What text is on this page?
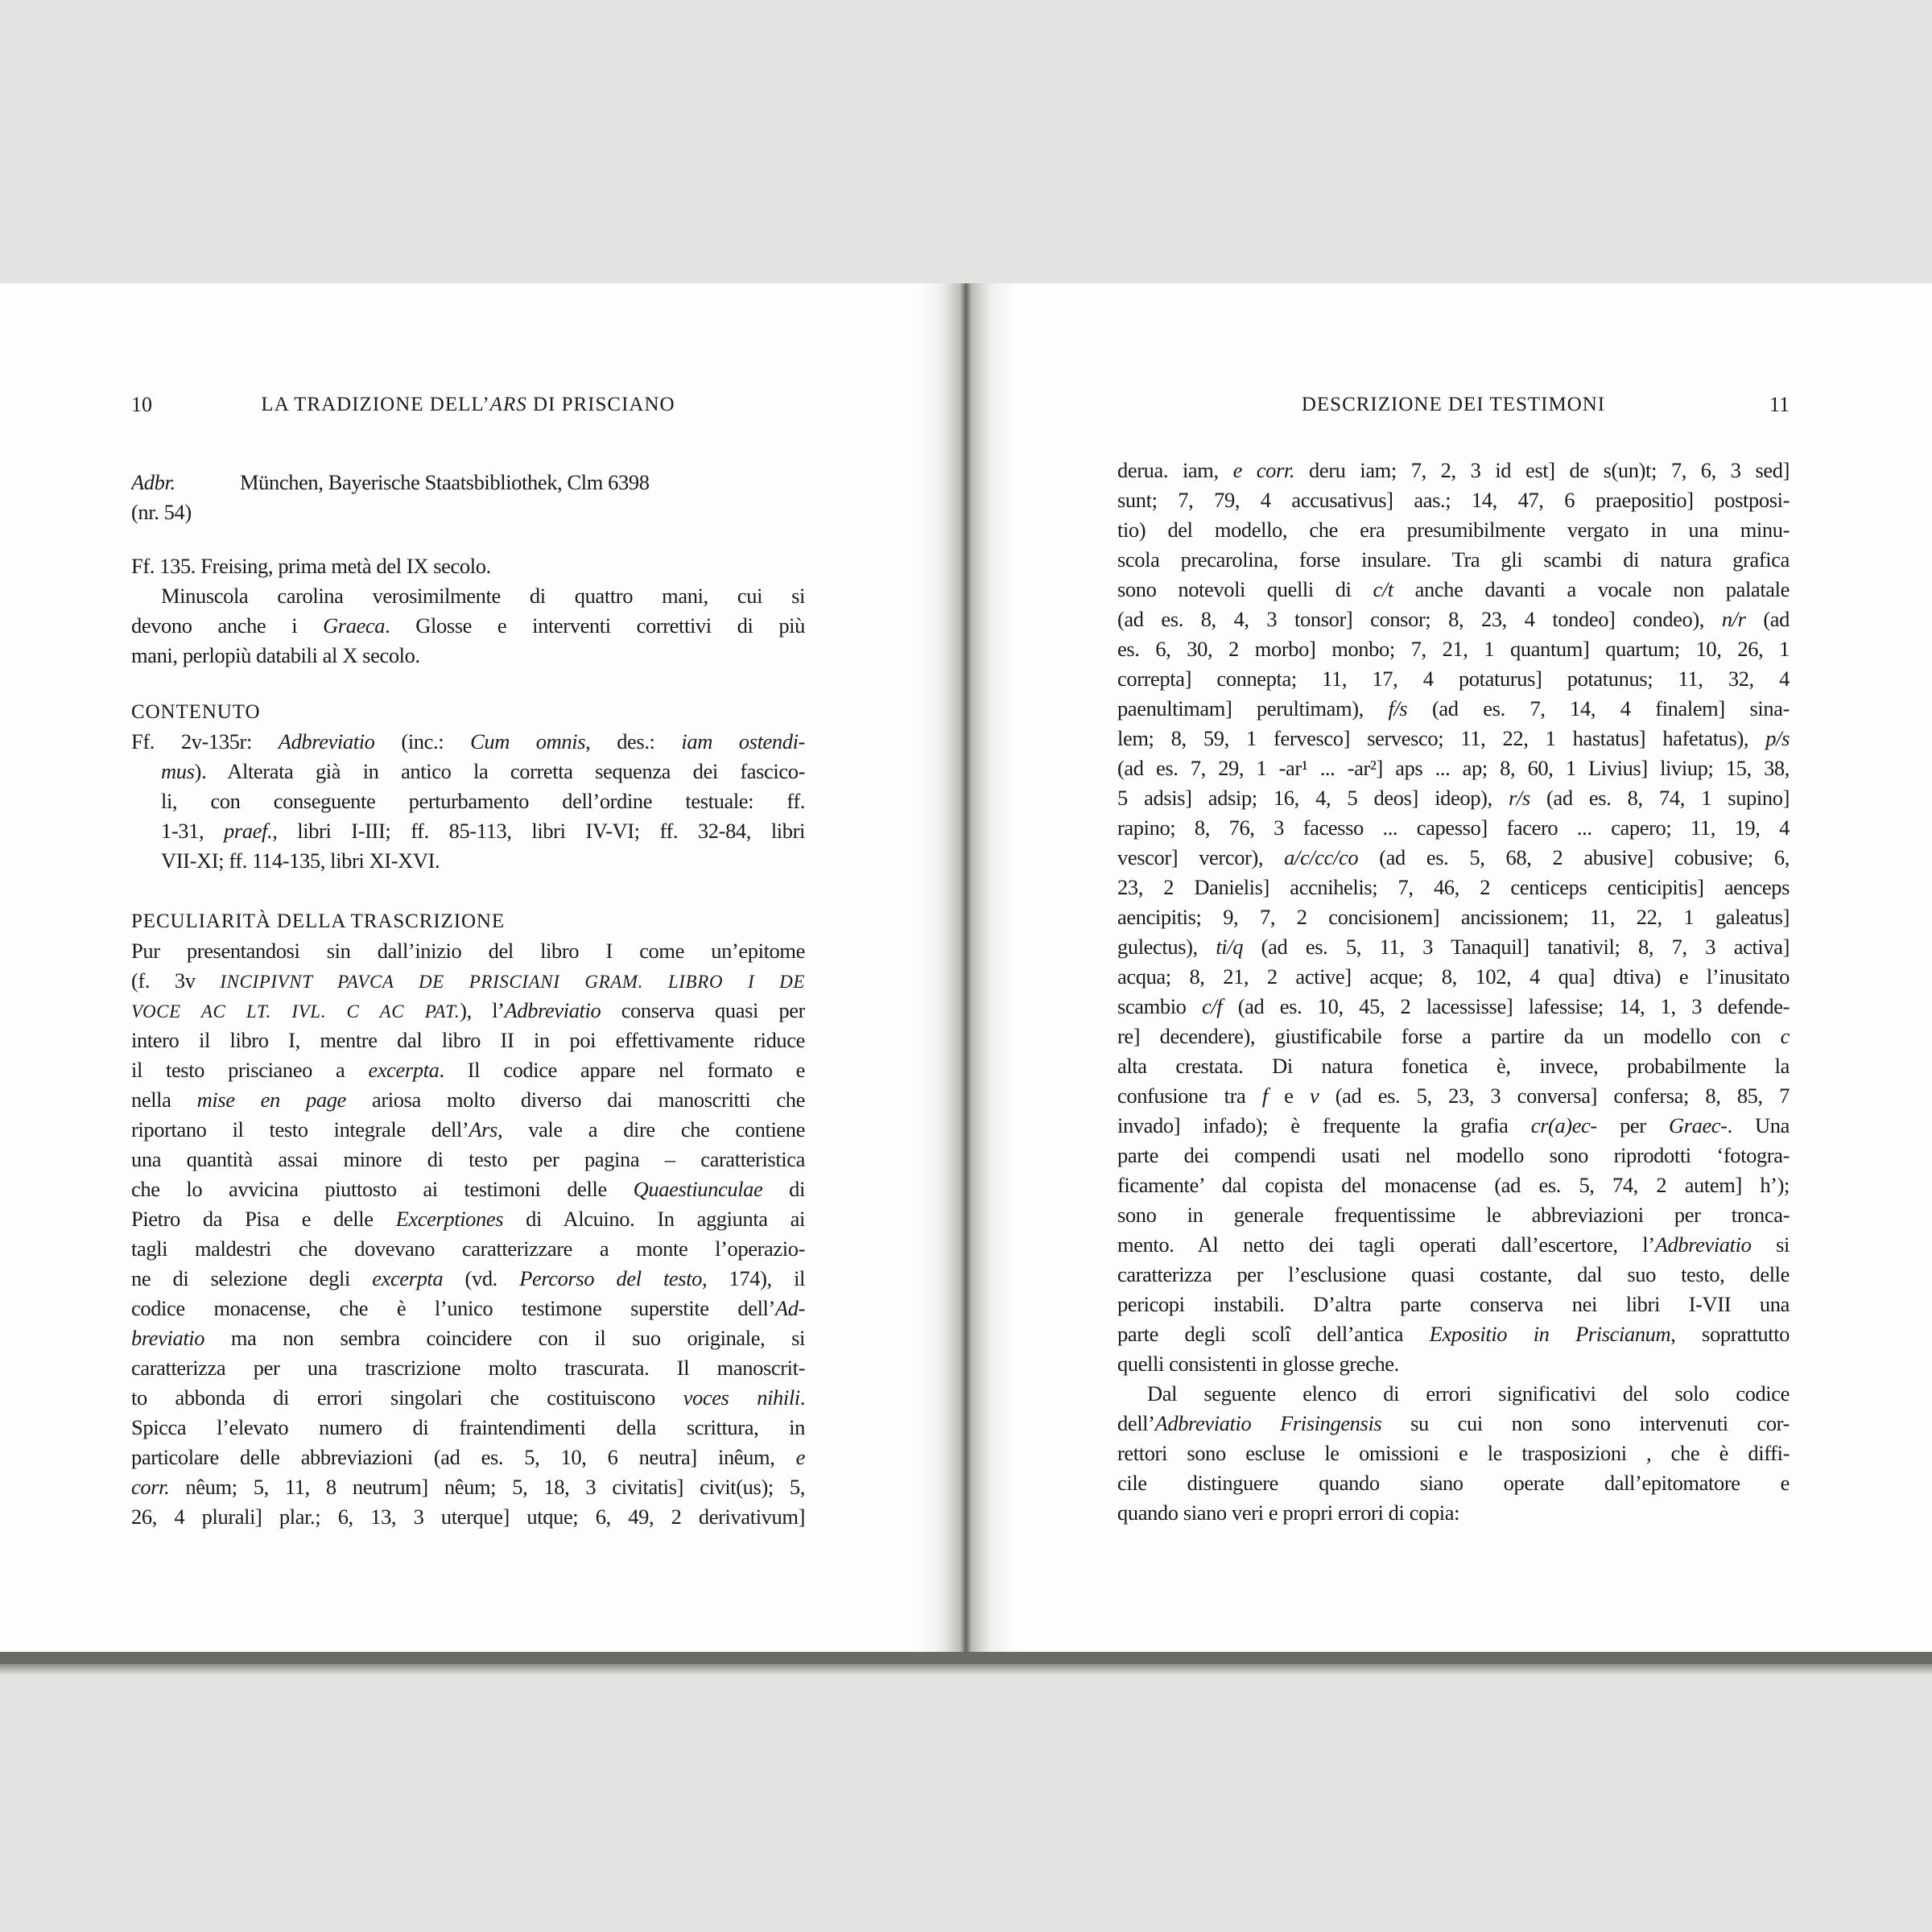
10	LA TRADIZIONE DELL’ARS DI PRISCIANO
Adbr.	München, Bayerische Staatsbibliothek, Clm 6398
(nr. 54)
Ff. 135. Freising, prima metà del IX secolo.
Minuscola carolina verosimilmente di quattro mani, cui si
devono anche i Graeca. Glosse e interventi correttivi di più
mani, perlopiù databili al X secolo.
CONTENUTO
Ff. 2v-135r: Adbreviatio (inc.: Cum omnis, des.: iam ostendi-
mus). Alterata già in antico la corretta sequenza dei fascico-
li, con conseguente perturbamento dell’ordine testuale: ff.
1-31, praef., libri I-III; ff. 85-113, libri IV-VI; ff. 32-84, libri
VII-XI; ff. 114-135, libri XI-XVI.
PECULIARITÀ DELLA TRASCRIZIONE
Pur presentandosi sin dall’inizio del libro I come un’epitome
(f. 3v INCIPIVNT PAVCA DE PRISCIANI GRAM. LIBRO I DE
VOCE AC LT. IVL. C AC PAT.), l’Adbreviatio conserva quasi per
intero il libro I, mentre dal libro II in poi effettivamente riduce
il testo priscianeo a excerpta. Il codice appare nel formato e
nella mise en page ariosa molto diverso dai manoscritti che
riportano il testo integrale dell’Ars, vale a dire che contiene
una quantità assai minore di testo per pagina – caratteristica
che lo avvicina piuttosto ai testimoni delle Quaestiunculae di
Pietro da Pisa e delle Excerptiones di Alcuino. In aggiunta ai
tagli maldestri che dovevano caratterizzare a monte l’operazio-
ne di selezione degli excerpta (vd. Percorso del testo, 174), il
codice monacense, che è l’unico testimone superstite dell’Ad-
breviatio ma non sembra coincidere con il suo originale, si
caratterizza per una trascrizione molto trascurata. Il manoscrit-
to abbonda di errori singolari che costituiscono voces nihili.
Spicca l’elevato numero di fraintendimenti della scrittura, in
particolare delle abbreviazioni (ad es. 5, 10, 6 neutra] inêum, e
corr. nêum; 5, 11, 8 neutrum] nêum; 5, 18, 3 civitatis] civit(us); 5,
26, 4 plurali] plar.; 6, 13, 3 uterque] utque; 6, 49, 2 derivativum]
11
DESCRIZIONE DEI TESTIMONI
derua. iam, e corr. deru iam; 7, 2, 3 id est] de s(un)t; 7, 6, 3 sed]
sunt; 7, 79, 4 accusativus] aas.; 14, 47, 6 praepositio] postposi-
tio) del modello, che era presumibilmente vergato in una minu-
scola precarolina, forse insulare. Tra gli scambi di natura grafica
sono notevoli quelli di c/t anche davanti a vocale non palatale
(ad es. 8, 4, 3 tonsor] consor; 8, 23, 4 tondeo] condeo), n/r (ad
es. 6, 30, 2 morbo] monbo; 7, 21, 1 quantum] quartum; 10, 26, 1
correpta] connepta; 11, 17, 4 potaturus] potatunus; 11, 32, 4
paenultimam] perultimam), f/s (ad es. 7, 14, 4 finalem] sina-
lem; 8, 59, 1 fervesco] servesco; 11, 22, 1 hastatus] hafetatus), p/s
(ad es. 7, 29, 1 -ar¹ ... -ar²] aps ... ap; 8, 60, 1 Livius] liviup; 15, 38,
5 adsis] adsip; 16, 4, 5 deos] ideop), r/s (ad es. 8, 74, 1 supino]
rapino; 8, 76, 3 facesso ... capesso] facero ... capero; 11, 19, 4
vescor] vercor), a/c/cc/co (ad es. 5, 68, 2 abusive] cobusive; 6,
23, 2 Danielis] accnihelis; 7, 46, 2 centiceps centicipitis] aenceps
aencipitis; 9, 7, 2 concisionem] ancissionem; 11, 22, 1 galeatus]
gulectus), ti/q (ad es. 5, 11, 3 Tanaquil] tanativil; 8, 7, 3 activa]
acqua; 8, 21, 2 active] acque; 8, 102, 4 qua] dtiva) e l’inusitato
scambio c/f (ad es. 10, 45, 2 lacessisse] lafessise; 14, 1, 3 defende-
re] decendere), giustificabile forse a partire da un modello con c
alta crestata. Di natura fonetica è, invece, probabilmente la
confusione tra f e v (ad es. 5, 23, 3 conversa] confersa; 8, 85, 7
invado] infado); è frequente la grafia cr(a)ec- per Graec-. Una
parte dei compendi usati nel modello sono riprodotti ‘fotogra-
ficamente’ dal copista del monacense (ad es. 5, 74, 2 autem] h’);
sono in generale frequentissime le abbreviazioni per tronca-
mento. Al netto dei tagli operati dall’escertore, l’Adbreviatio si
caratterizza per l’esclusione quasi costante, dal suo testo, delle
pericopi instabili. D’altra parte conserva nei libri I-VII una
parte degli scolî dell’antica Expositio in Priscianum, soprattutto
quelli consistenti in glosse greche.
Dal seguente elenco di errori significativi del solo codice
dell’Adbreviatio Frisingensis su cui non sono intervenuti cor-
rettori sono escluse le omissioni e le trasposizioni , che è diffi-
cile distinguere quando siano operate dall’epitomatore e
quando siano veri e propri errori di copia:
